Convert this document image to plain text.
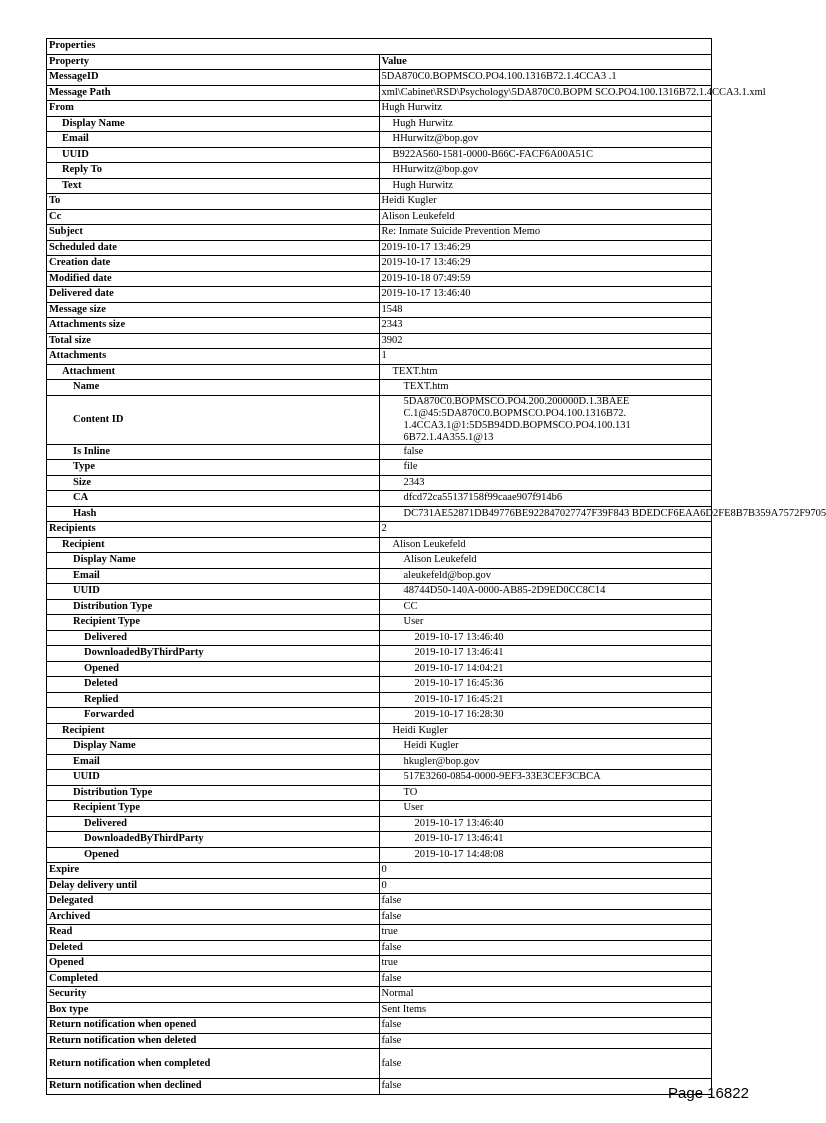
Properties	
Property	Value
MessageID	5DA870C0.BOPMSCO.PO4.100.1316B72.1.4CCA3 .1
Message Path	xml\Cabinet\RSD\Psychology\5DA870C0.BOPM SCO.PO4.100.1316B72.1.4CCA3.1.xml
From	Hugh Hurwitz
Display Name	Hugh Hurwitz
Email	HHurwitz@bop.gov
UUID	B922A560-1581-0000-B66C-FACF6A00A51C
Reply To	HHurwitz@bop.gov
Text	Hugh Hurwitz
To	Heidi Kugler
Cc	Alison Leukefeld
Subject	Re: Inmate Suicide Prevention Memo
Scheduled date	2019-10-17 13:46:29
Creation date	2019-10-17 13:46:29
Modified date	2019-10-18 07:49:59
Delivered date	2019-10-17 13:46:40
Message size	1548
Attachments size	2343
Total size	3902
Attachments	1
Attachment	TEXT.htm
Name	TEXT.htm
Content ID	5DA870C0.BOPMSCO.PO4.200.200000D.1.3BAEE C.1@45:5DA870C0.BOPMSCO.PO4.100.1316B72. 1.4CCA3.1@1:5D5B94DD.BOPMSCO.PO4.100.131 6B72.1.4A355.1@13
Is Inline	false
Type	file
Size	2343
CA	dfcd72ca55137158f99caae907f914b6
Hash	DC731AE52871DB49776BE922847027747F39F843 BDEDCF6EAA6D2FE8B7B359A7572F9705
Recipients	2
Recipient	Alison Leukefeld
Display Name	Alison Leukefeld
Email	aleukefeld@bop.gov
UUID	48744D50-140A-0000-AB85-2D9ED0CC8C14
Distribution Type	CC
Recipient Type	User
Delivered	2019-10-17 13:46:40
DownloadedByThirdParty	2019-10-17 13:46:41
Opened	2019-10-17 14:04:21
Deleted	2019-10-17 16:45:36
Replied	2019-10-17 16:45:21
Forwarded	2019-10-17 16:28:30
Recipient	Heidi Kugler
Display Name	Heidi Kugler
Email	hkugler@bop.gov
UUID	517E3260-0854-0000-9EF3-33E3CEF3CBCA
Distribution Type	TO
Recipient Type	User
Delivered	2019-10-17 13:46:40
DownloadedByThirdParty	2019-10-17 13:46:41
Opened	2019-10-17 14:48:08
Expire	0
Delay delivery until	0
Delegated	false
Archived	false
Read	true
Deleted	false
Opened	true
Completed	false
Security	Normal
Box type	Sent Items
Return notification when opened	false
Return notification when deleted	false
Return notification when completed	false
Return notification when declined	false	Page 16822
